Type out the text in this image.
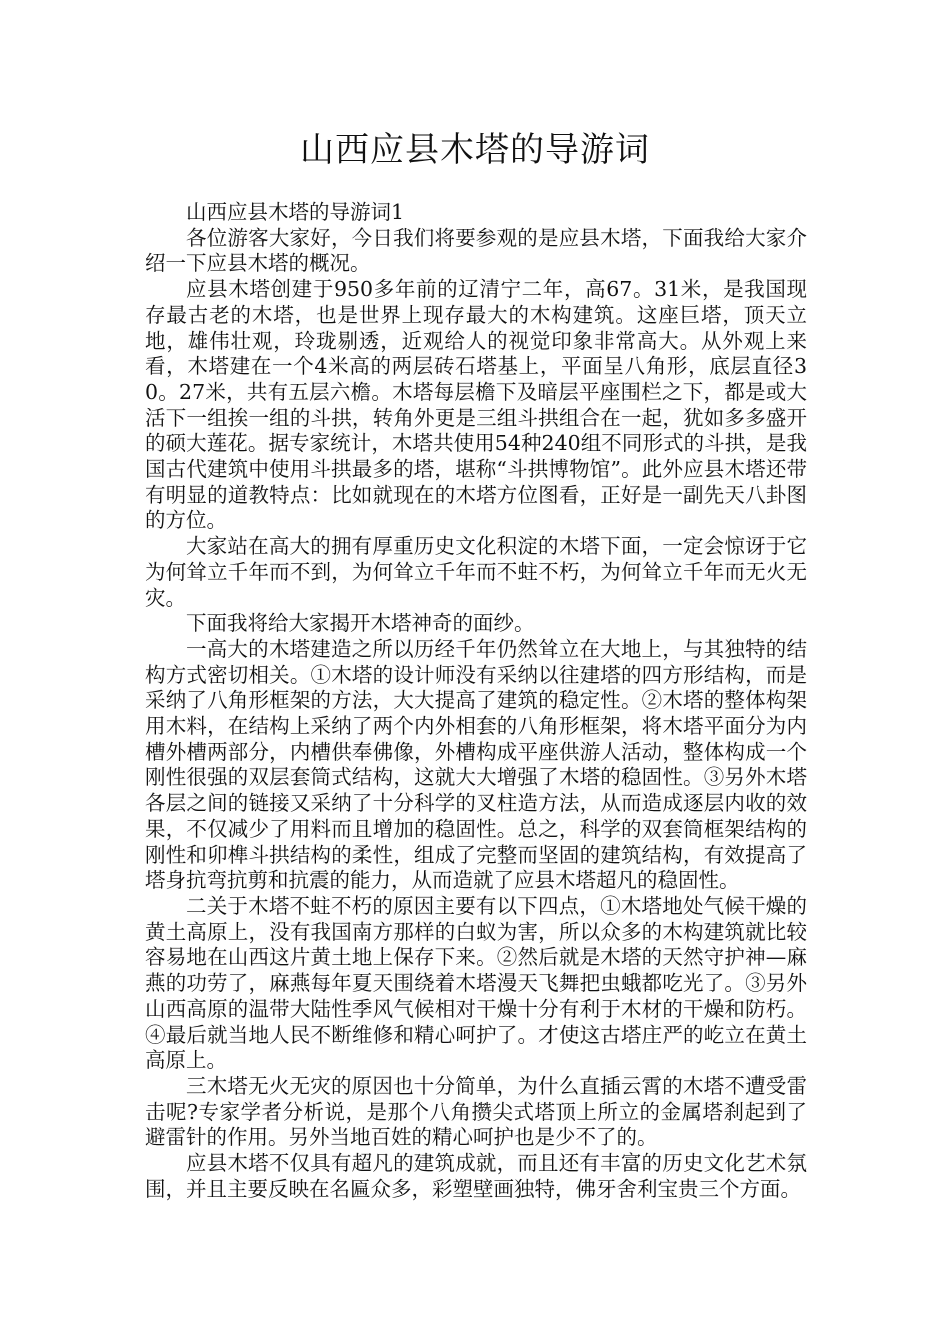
山西应县木塔的导游词

山西应县木塔的导游词1

各位游客大家好，今日我们将要参观的是应县木塔，下面我给大家介绍一下应县木塔的概况。

应县木塔创建于950多年前的辽清宁二年，高67。31米，是我国现存最古老的木塔，也是世界上现存最大的木构建筑。这座巨塔，顶天立地，雄伟壮观，玲珑剔透，近观给人的视觉印象非常高大。从外观上来看，木塔建在一个4米高的两层砖石塔基上，平面呈八角形，底层直径30。27米，共有五层六檐。木塔每层檐下及暗层平座围栏之下，都是或大活下一组挨一组的斗拱，转角外更是三组斗拱组合在一起，犹如多多盛开的硕大莲花。据专家统计，木塔共使用54种240组不同形式的斗拱，是我国古代建筑中使用斗拱最多的塔，堪称“斗拱博物馆”。此外应县木塔还带有明显的道教特点：比如就现在的木塔方位图看，正好是一副先天八卦图的方位。

大家站在高大的拥有厚重历史文化积淀的木塔下面，一定会惊讶于它为何耸立千年而不到，为何耸立千年而不蛀不朽，为何耸立千年而无火无灾。

下面我将给大家揭开木塔神奇的面纱。

一高大的木塔建造之所以历经千年仍然耸立在大地上，与其独特的结构方式密切相关。①木塔的设计师没有采纳以往建塔的四方形结构，而是采纳了八角形框架的方法，大大提高了建筑的稳定性。②木塔的整体构架用木料，在结构上采纳了两个内外相套的八角形框架，将木塔平面分为内槽外槽两部分，内槽供奉佛像，外槽构成平座供游人活动，整体构成一个刚性很强的双层套筒式结构，这就大大增强了木塔的稳固性。③另外木塔各层之间的链接又采纳了十分科学的叉柱造方法，从而造成逐层内收的效果，不仅减少了用料而且增加的稳固性。总之，科学的双套筒框架结构的刚性和卯榫斗拱结构的柔性，组成了完整而坚固的建筑结构，有效提高了塔身抗弯抗剪和抗震的能力，从而造就了应县木塔超凡的稳固性。

二关于木塔不蛀不朽的原因主要有以下四点，①木塔地处气候干燥的黄土高原上，没有我国南方那样的白蚁为害，所以众多的木构建筑就比较容易地在山西这片黄土地上保存下来。②然后就是木塔的天然守护神—麻燕的功劳了，麻燕每年夏天围绕着木塔漫天飞舞把虫蛾都吃光了。③另外山西高原的温带大陆性季风气候相对干燥十分有利于木材的干燥和防朽。④最后就当地人民不断维修和精心呵护了。才使这古塔庄严的屹立在黄土高原上。

三木塔无火无灾的原因也十分简单，为什么直插云霄的木塔不遭受雷击呢?专家学者分析说，是那个八角攒尖式塔顶上所立的金属塔刹起到了避雷针的作用。另外当地百姓的精心呵护也是少不了的。

应县木塔不仅具有超凡的建筑成就，而且还有丰富的历史文化艺术氛围，并且主要反映在名匾众多，彩塑壁画独特，佛牙舍利宝贵三个方面。
